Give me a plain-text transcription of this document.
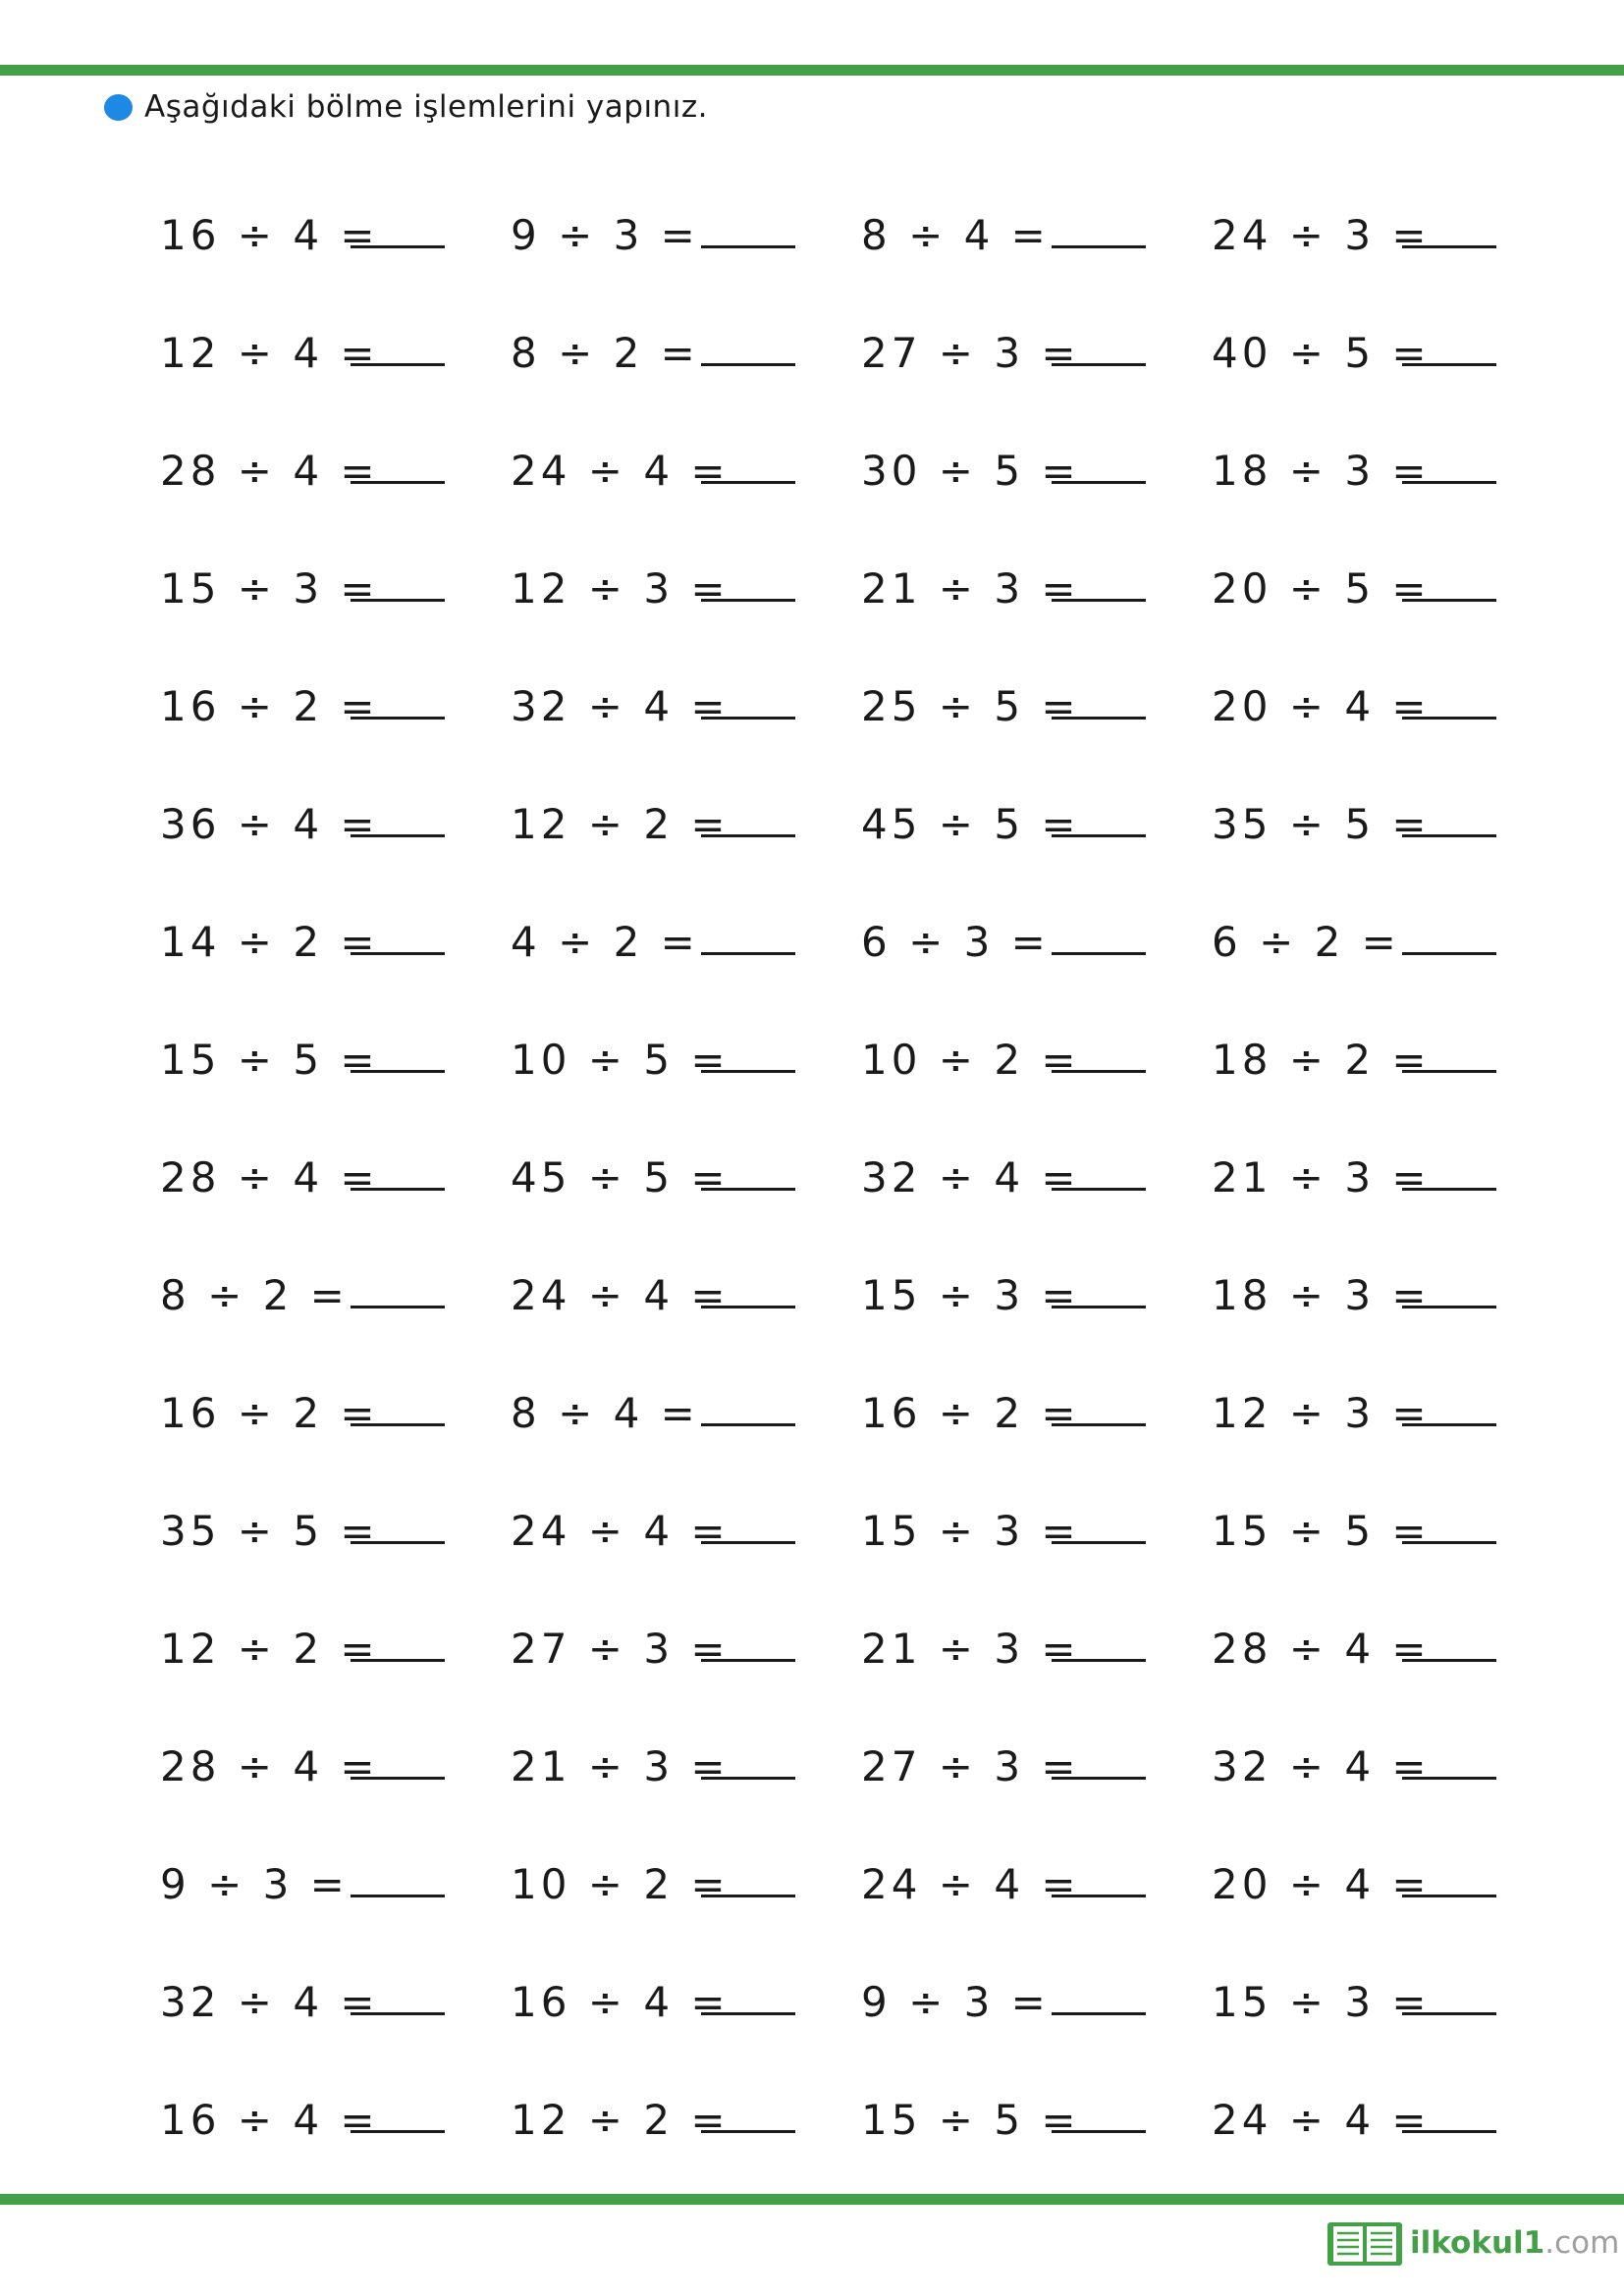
Aşağıdaki bölme işlemlerini yapınız.
16 ÷ 4 =	9 ÷ 3 =	8 ÷ 4 =	24 ÷ 3 =
12 ÷ 4 =	8 ÷ 2 =	27 ÷ 3 =	40 ÷ 5 =
28 ÷ 4 =	24 ÷ 4 =	30 ÷ 5 =	18 ÷ 3 =
15 ÷ 3 =	12 ÷ 3 =	21 ÷ 3 =	20 ÷ 5 =
16 ÷ 2 =	32 ÷ 4 =	25 ÷ 5 =	20 ÷ 4 =
36 ÷ 4 =	12 ÷ 2 =	45 ÷ 5 =	35 ÷ 5 =
14 ÷ 2 =	4 ÷ 2 =	6 ÷ 3 =	6 ÷ 2 =
15 ÷ 5 =	10 ÷ 5 =	10 ÷ 2 =	18 ÷ 2 =
28 ÷ 4 =	45 ÷ 5 =	32 ÷ 4 =	21 ÷ 3 =
8 ÷ 2 =	24 ÷ 4 =	15 ÷ 3 =	18 ÷ 3 =
16 ÷ 2 =	8 ÷ 4 =	16 ÷ 2 =	12 ÷ 3 =
35 ÷ 5 =	24 ÷ 4 =	15 ÷ 3 =	15 ÷ 5 =
12 ÷ 2 =	27 ÷ 3 =	21 ÷ 3 =	28 ÷ 4 =
28 ÷ 4 =	21 ÷ 3 =	27 ÷ 3 =	32 ÷ 4 =
9 ÷ 3 =	10 ÷ 2 =	24 ÷ 4 =	20 ÷ 4 =
32 ÷ 4 =	16 ÷ 4 =	9 ÷ 3 =	15 ÷ 3 =
16 ÷ 4 =	12 ÷ 2 =	15 ÷ 5 =	24 ÷ 4 =
ilkokul1 .com
